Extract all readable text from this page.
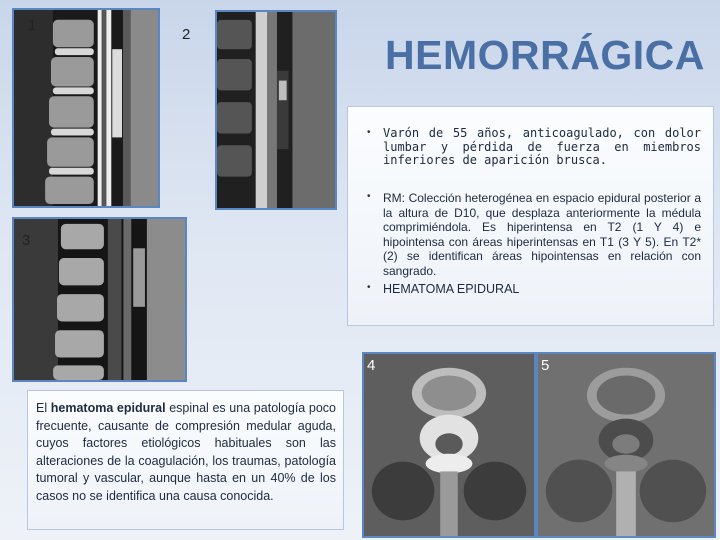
1
2
3
HEMORRÁGICA
• Varón de 55 años, anticoagulado, con dolor lumbar y pérdida de fuerza en miembros inferiores de aparición brusca.
• RM: Colección heterogénea en espacio epidural posterior a la altura de D10, que desplaza anteriormente la médula comprimiéndola. Es hiperintensa en T2 (1 Y 4) e hipointensa con áreas hiperintensas en T1 (3 Y 5). En T2* (2) se identifican áreas hipointensas en relación con sangrado.
• HEMATOMA EPIDURAL
4	5
El hematoma epidural espinal es una patología poco frecuente, causante de compresión medular aguda, cuyos factores etiológicos habituales son las alteraciones de la coagulación, los traumas, patología tumoral y vascular, aunque hasta en un 40% de los casos no se identifica una causa conocida.
